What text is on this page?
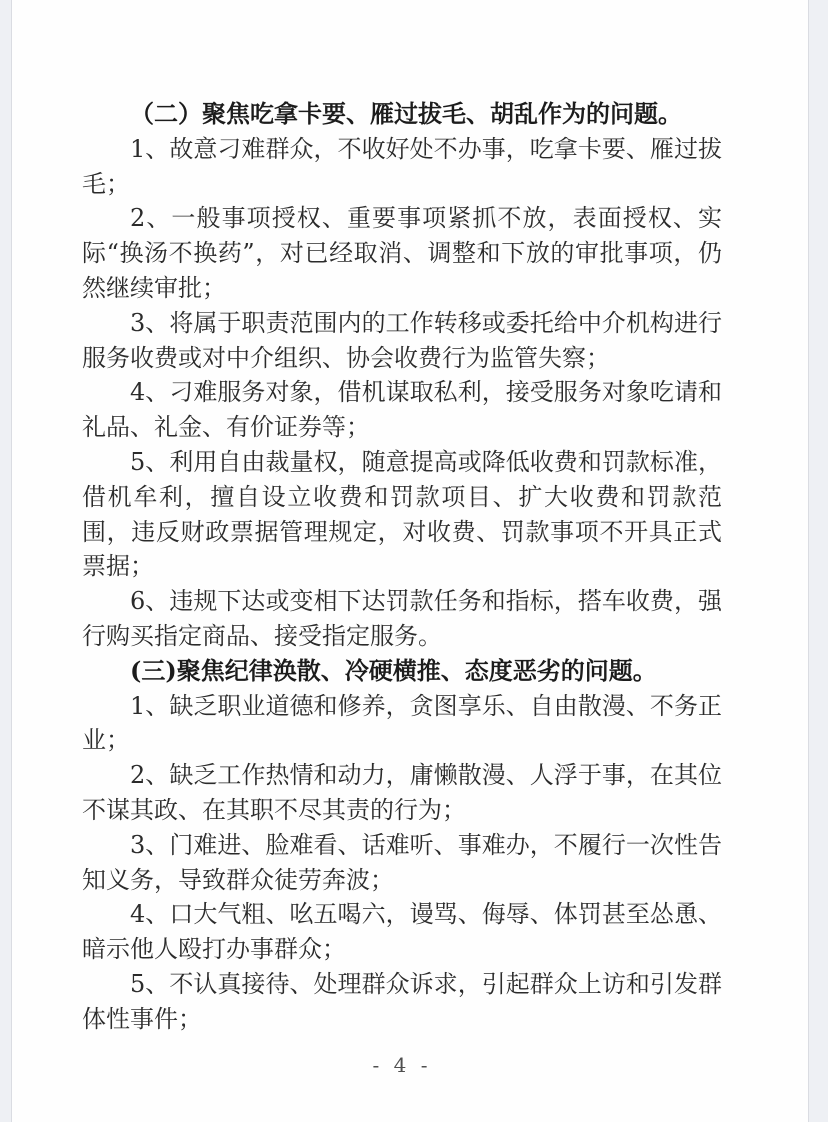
（二）聚焦吃拿卡要、雁过拔毛、胡乱作为的问题。

1、故意刁难群众，不收好处不办事，吃拿卡要、雁过拔毛；

2、一般事项授权、重要事项紧抓不放，表面授权、实际“换汤不换药”，对已经取消、调整和下放的审批事项，仍然继续审批；

3、将属于职责范围内的工作转移或委托给中介机构进行服务收费或对中介组织、协会收费行为监管失察；

4、刁难服务对象，借机谋取私利，接受服务对象吃请和礼品、礼金、有价证券等；

5、利用自由裁量权，随意提高或降低收费和罚款标准，借机牟利，擅自设立收费和罚款项目、扩大收费和罚款范围，违反财政票据管理规定，对收费、罚款事项不开具正式票据；

6、违规下达或变相下达罚款任务和指标，搭车收费，强行购买指定商品、接受指定服务。

(三)聚焦纪律涣散、冷硬横推、态度恶劣的问题。

1、缺乏职业道德和修养，贪图享乐、自由散漫、不务正业；

2、缺乏工作热情和动力，庸懒散漫、人浮于事，在其位不谋其政、在其职不尽其责的行为；

3、门难进、脸难看、话难听、事难办，不履行一次性告知义务，导致群众徒劳奔波；

4、口大气粗、吆五喝六，谩骂、侮辱、体罚甚至怂恿、暗示他人殴打办事群众；

5、不认真接待、处理群众诉求，引起群众上访和引发群体性事件；

- 4 -
